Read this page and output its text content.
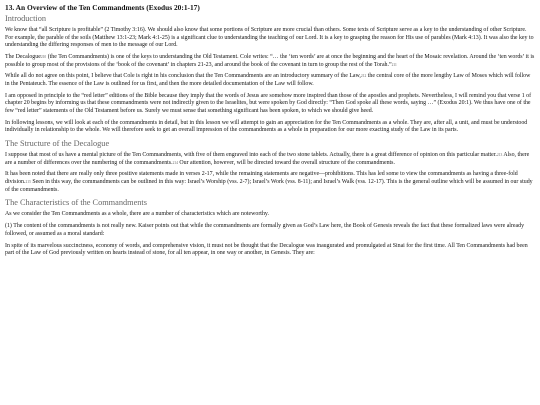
13. An Overview of the Ten Commandments (Exodus 20:1-17)
Introduction

We know that “all Scripture is profitable” (2 Timothy 3:16). We should also know that some portions of Scripture are more crucial than others. Some texts of Scripture serve as a key to the understanding of other Scripture. For example, the parable of the soils (Matthew 13:1-23; Mark 4:1-25) is a significant clue to understanding the teaching of our Lord. It is a key to grasping the reason for His use of parables (Mark 4:13). It was also the key to understanding the differing responses of men to the message of our Lord.

The Decalogue210 (the Ten Commandments) is one of the keys to understanding the Old Testament. Cole writes: “… the ‘ten words’ are at once the beginning and the heart of the Mosaic revelation. Around the ‘ten words’ it is possible to group most of the provisions of the ‘book of the covenant’ in chapters 21-23, and around the book of the covenant in turn to group the rest of the Torah.”211

While all do not agree on this point, I believe that Cole is right in his conclusion that the Ten Commandments are an introductory summary of the Law,212 the central core of the more lengthy Law of Moses which will follow in the Pentateuch. The essence of the Law is outlined for us first, and then the more detailed documentation of the Law will follow.

I am opposed in principle to the “red letter” editions of the Bible because they imply that the words of Jesus are somehow more inspired than those of the apostles and prophets. Nevertheless, I will remind you that verse 1 of chapter 20 begins by informing us that these commandments were not indirectly given to the Israelites, but were spoken by God directly: “Then God spoke all these words, saying …” (Exodus 20:1). We thus have one of the few “red letter” statements of the Old Testament before us. Surely we must sense that something significant has been spoken, to which we should give heed.

In following lessons, we will look at each of the commandments in detail, but in this lesson we will attempt to gain an appreciation for the Ten Commandments as a whole. They are, after all, a unit, and must be understood individually in relationship to the whole. We will therefore seek to get an overall impression of the commandments as a whole in preparation for our more exacting study of the Law in its parts.

The Structure of the Decalogue

I suppose that most of us have a mental picture of the Ten Commandments, with five of them engraved into each of the two stone tablets. Actually, there is a great difference of opinion on this particular matter.213 Also, there are a number of differences over the numbering of the commandments.214 Our attention, however, will be directed toward the overall structure of the commandments.

It has been noted that there are really only three positive statements made in verses 2-17, while the remaining statements are negative—prohibitions. This has led some to view the commandments as having a three-fold division.215 Seen in this way, the commandments can be outlined in this way: Israel’s Worship (vss. 2-7); Israel’s Work (vss. 8-11); and Israel’s Walk (vss. 12-17). This is the general outline which will be assumed in our study of the commandments.

The Characteristics of the Commandments

As we consider the Ten Commandments as a whole, there are a number of characteristics which are noteworthy.

(1) The content of the commandments is not really new. Kaiser points out that while the commandments are formally given as God’s Law here, the Book of Genesis reveals the fact that these formalized laws were already followed, or assumed as a moral standard:

In spite of its marvelous succinctness, economy of words, and comprehensive vision, it must not be thought that the Decalogue was inaugurated and promulgated at Sinai for the first time. All Ten Commandments had been part of the Law of God previously written on hearts instead of stone, for all ten appear, in one way or another, in Genesis. They are:
